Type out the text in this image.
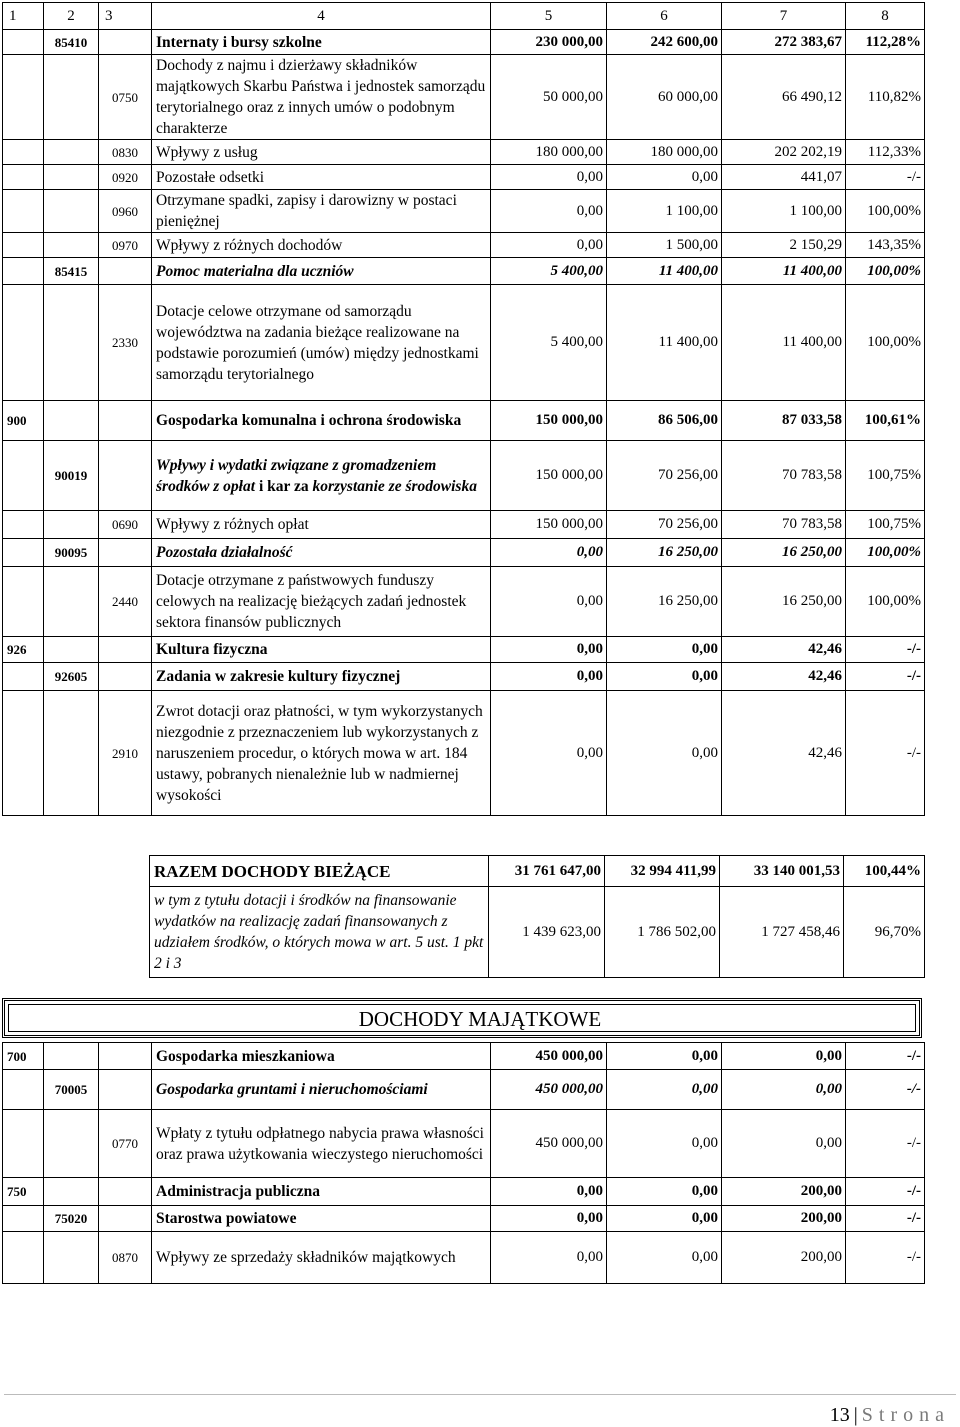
1	2	3	4	5	6	7	8
	85410		Internaty i bursy szkolne	230 000,00	242 600,00	272 383,67	112,28%
		0750	Dochody z najmu i dzierżawy składników majątkowych Skarbu Państwa i jednostek samorządu terytorialnego oraz z innych umów o podobnym charakterze	50 000,00	60 000,00	66 490,12	110,82%
		0830	Wpływy z usług	180 000,00	180 000,00	202 202,19	112,33%
		0920	Pozostałe odsetki	0,00	0,00	441,07	-/-
		0960	Otrzymane spadki, zapisy i darowizny w postaci pieniężnej	0,00	1 100,00	1 100,00	100,00%
		0970	Wpływy z różnych dochodów	0,00	1 500,00	2 150,29	143,35%
	85415		Pomoc materialna dla uczniów	5 400,00	11 400,00	11 400,00	100,00%
		2330	Dotacje celowe otrzymane od samorządu województwa na zadania bieżące realizowane na podstawie porozumień (umów) między jednostkami samorządu terytorialnego	5 400,00	11 400,00	11 400,00	100,00%
900			Gospodarka komunalna i ochrona środowiska	150 000,00	86 506,00	87 033,58	100,61%
	90019		Wpływy i wydatki związane z gromadzeniem środków z opłat i kar za korzystanie ze środowiska	150 000,00	70 256,00	70 783,58	100,75%
		0690	Wpływy z różnych opłat	150 000,00	70 256,00	70 783,58	100,75%
	90095		Pozostała działalność	0,00	16 250,00	16 250,00	100,00%
		2440	Dotacje otrzymane z państwowych funduszy celowych na realizację bieżących zadań jednostek sektora finansów publicznych	0,00	16 250,00	16 250,00	100,00%
926			Kultura fizyczna	0,00	0,00	42,46	-/-
	92605		Zadania w zakresie kultury fizycznej	0,00	0,00	42,46	-/-
		2910	Zwrot dotacji oraz płatności, w tym wykorzystanych niezgodnie z przeznaczeniem lub wykorzystanych z naruszeniem procedur, o których mowa w art. 184 ustawy, pobranych nienależnie lub w nadmiernej wysokości	0,00	0,00	42,46	-/-
RAZEM DOCHODY BIEŻĄCE	31 761 647,00	32 994 411,99	33 140 001,53	100,44%
w tym z tytułu dotacji i środków na finansowanie wydatków na realizację zadań finansowanych z udziałem środków, o których mowa w art. 5 ust. 1 pkt 2 i 3	1 439 623,00	1 786 502,00	1 727 458,46	96,70%
DOCHODY MAJĄTKOWE
700			Gospodarka mieszkaniowa	450 000,00	0,00	0,00	-/-
	70005		Gospodarka gruntami i nieruchomościami	450 000,00	0,00	0,00	-/-
		0770	Wpłaty z tytułu odpłatnego nabycia prawa własności oraz prawa użytkowania wieczystego nieruchomości	450 000,00	0,00	0,00	-/-
750			Administracja publiczna	0,00	0,00	200,00	-/-
	75020		Starostwa powiatowe	0,00	0,00	200,00	-/-
		0870	Wpływy ze sprzedaży składników majątkowych	0,00	0,00	200,00	-/-
13 | Strona
